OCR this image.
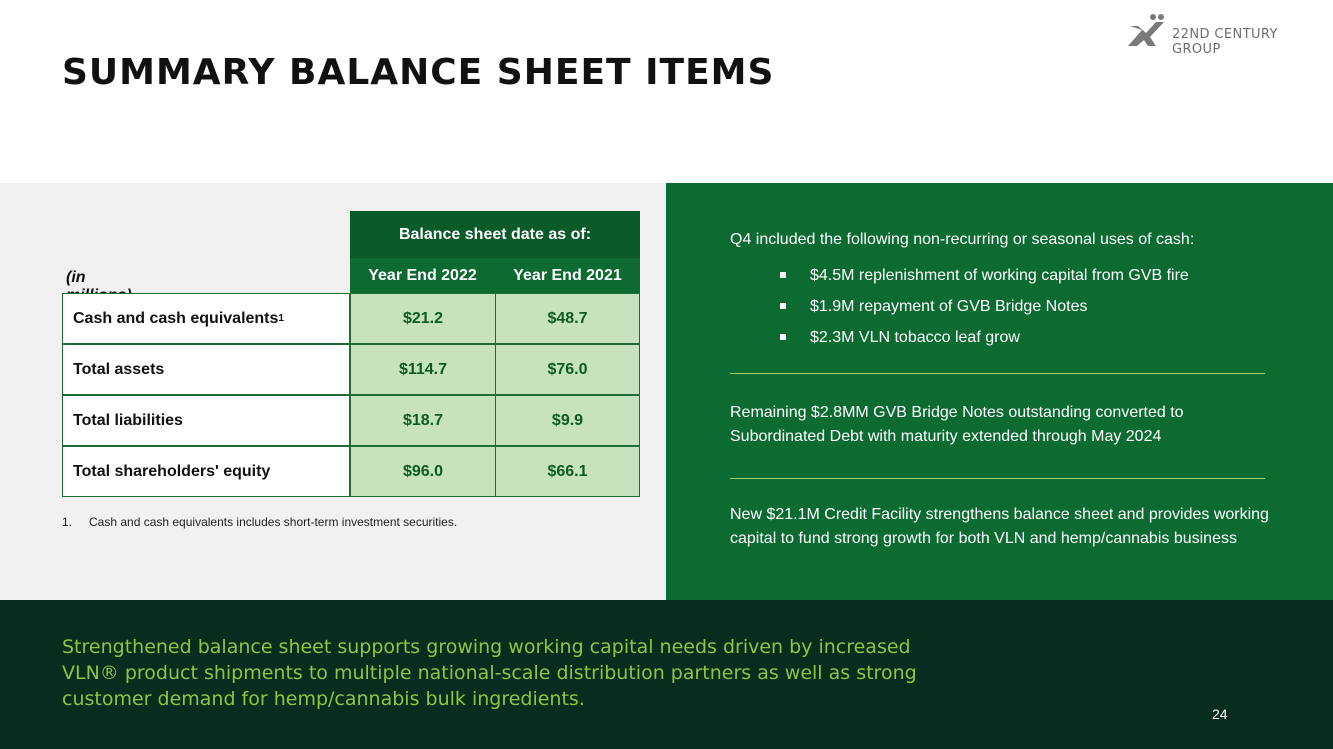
SUMMARY BALANCE SHEET ITEMS
22ND CENTURY GROUP
Balance sheet date as of:
(in	Year End 2022	Year End 2021
Cash and cash equivalents 1	$21.2	$48.7
Total assets	$114.7	$76.0
Total liabilities	$18.7	$9.9
Total shareholders' equity	$96.0	$66.1
1. Cash and cash equivalents includes short-term investment securities.
Q4 included the following non-recurring or seasonal uses of cash:
$4.5M replenishment of working capital from GVB fire
$1.9M repayment of GVB Bridge Notes
$2.3M VLN tobacco leaf grow
Remaining $2.8MM GVB Bridge Notes outstanding converted to Subordinated Debt with maturity extended through May 2024
New $21.1M Credit Facility strengthens balance sheet and provides working capital to fund strong growth for both VLN and hemp/cannabis business
Strengthened balance sheet supports growing working capital needs driven by increased VLN® product shipments to multiple national-scale distribution partners as well as strong customer demand for hemp/cannabis bulk ingredients.
24
